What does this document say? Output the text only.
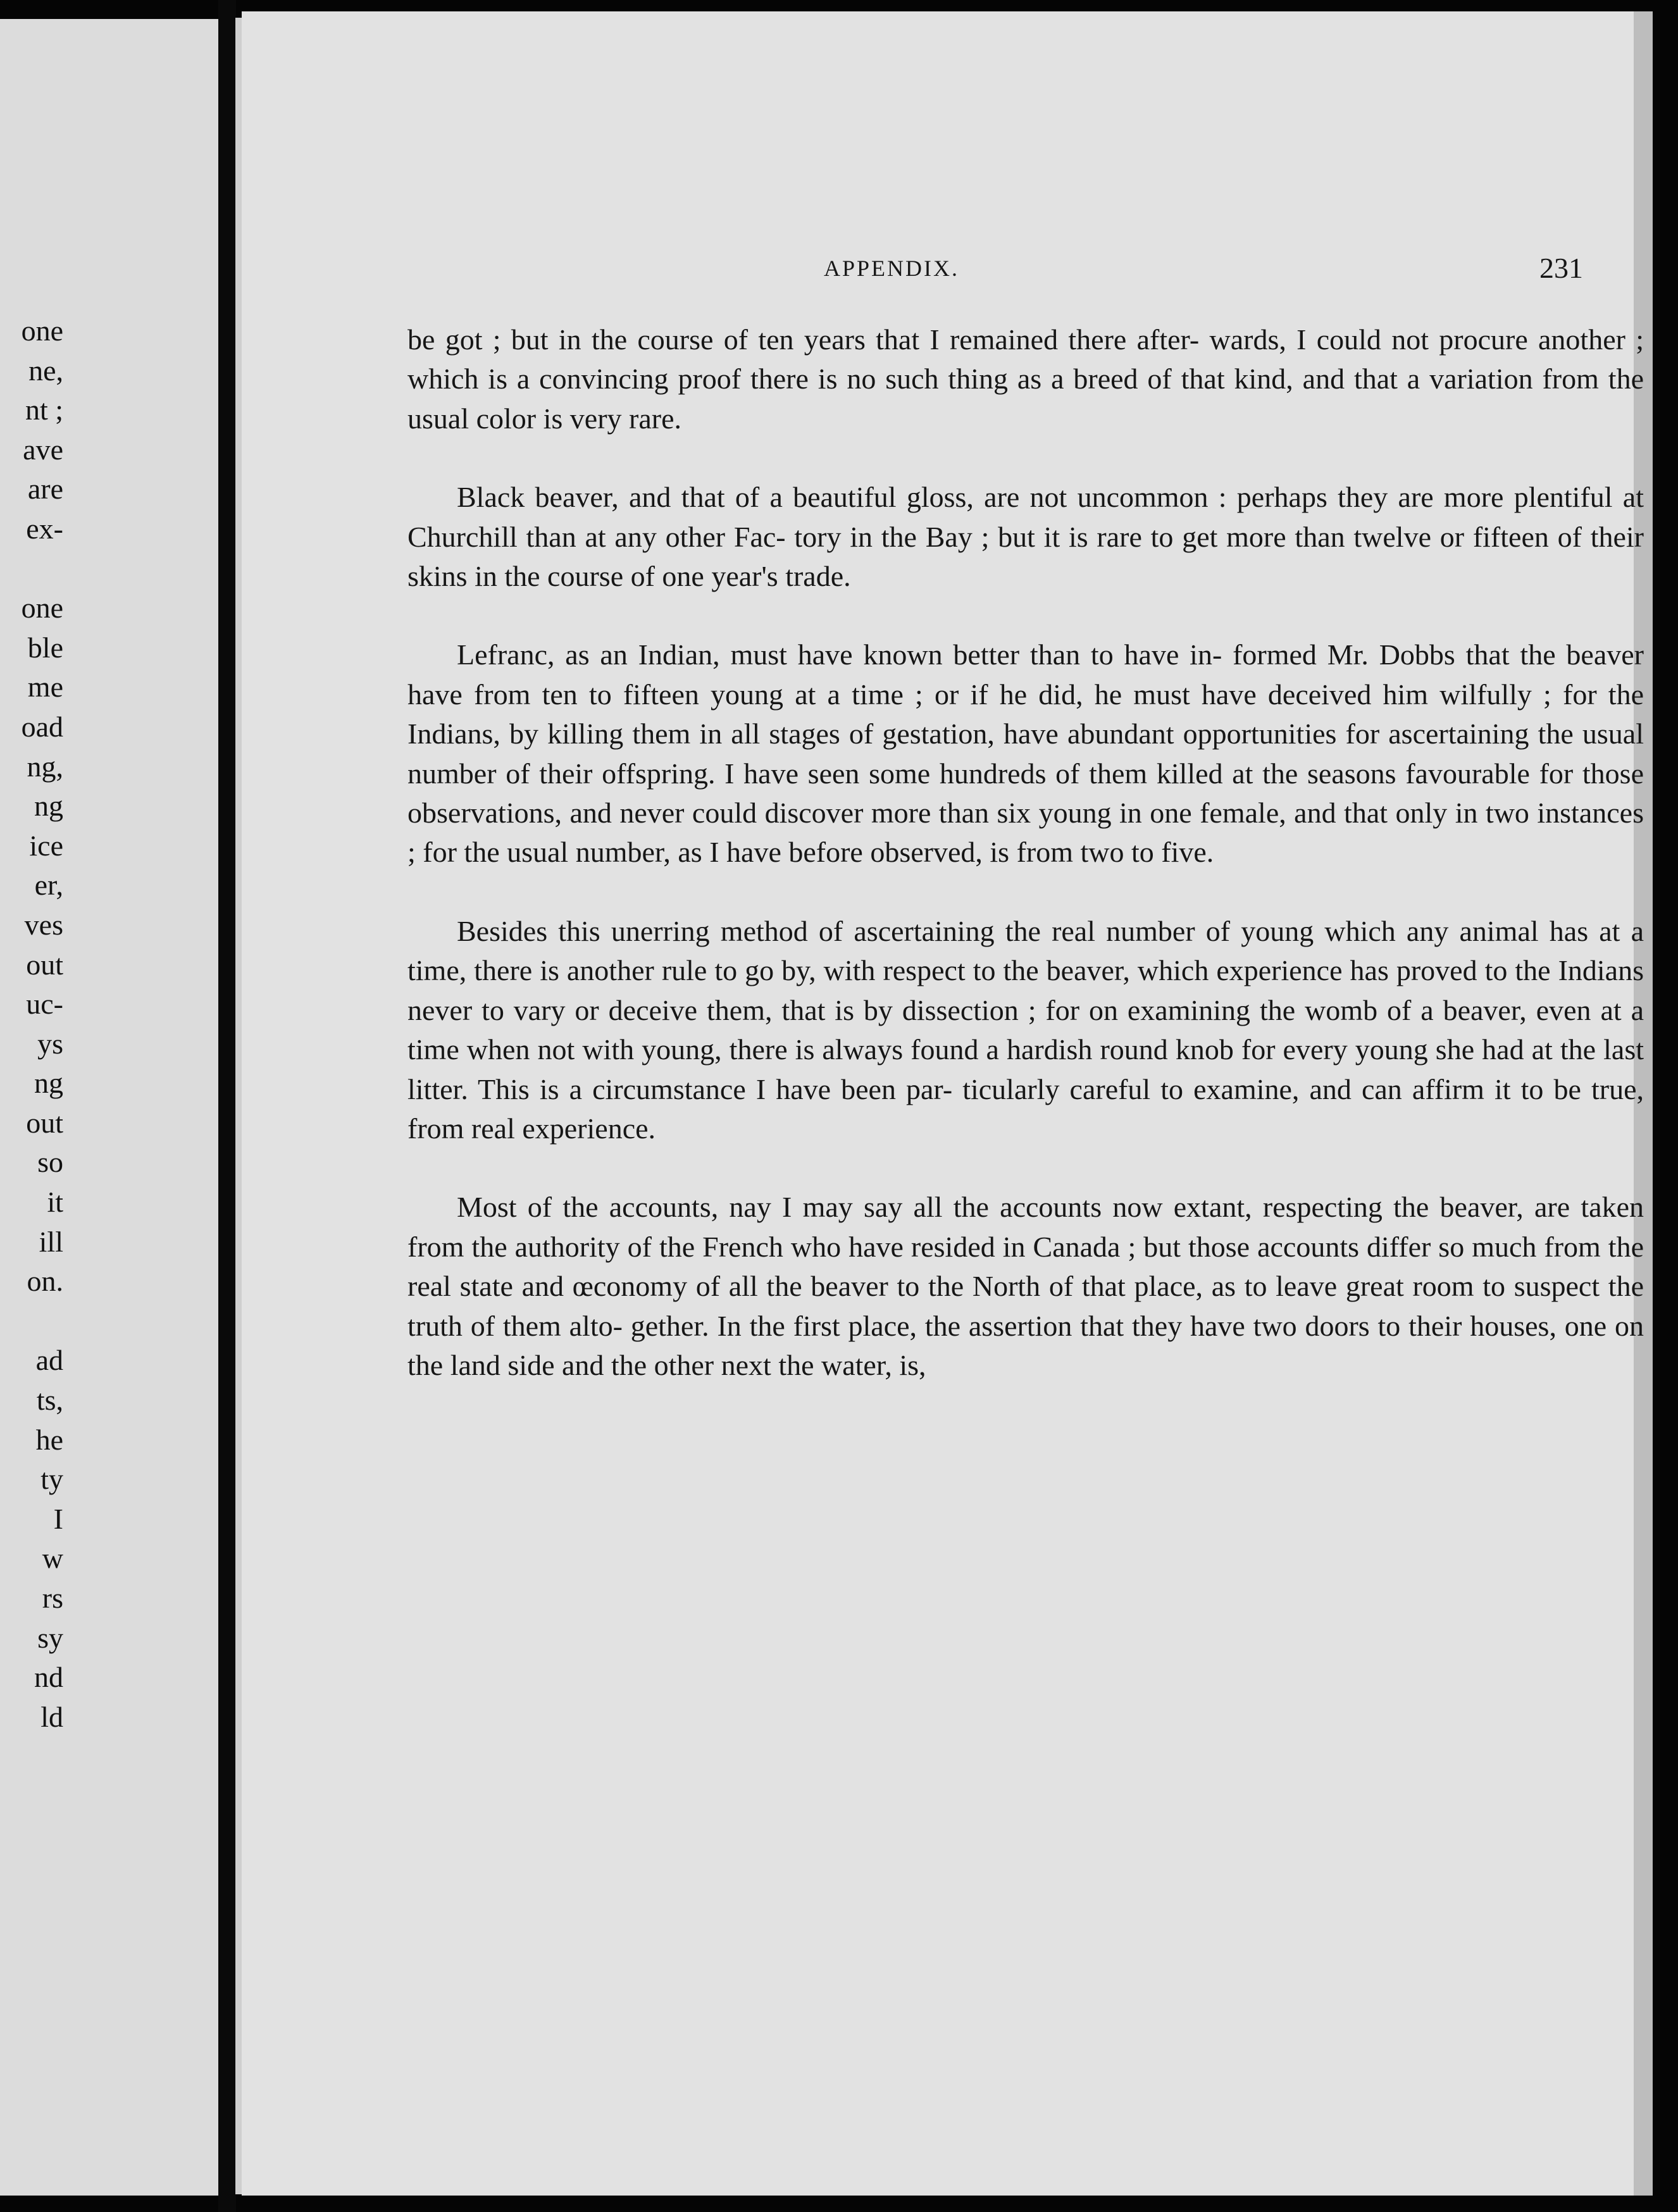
one
ne,
nt ;
ave
are
ex-
one
ble
me
oad
ng,
ng
ice
er,
ves
out
uc-
ys
ng
out
so
it
ill
on.
ad
ts,
he
ty
I
w
rs
sy
nd
ld
APPENDIX.	231

be got ; but in the course of ten years that I remained there after- wards, I could not procure another ; which is a convincing proof there is no such thing as a breed of that kind, and that a variation from the usual color is very rare.

Black beaver, and that of a beautiful gloss, are not uncommon : perhaps they are more plentiful at Churchill than at any other Fac- tory in the Bay ; but it is rare to get more than twelve or fifteen of their skins in the course of one year's trade.

Lefranc, as an Indian, must have known better than to have in- formed Mr. Dobbs that the beaver have from ten to fifteen young at a time ; or if he did, he must have deceived him wilfully ; for the Indians, by killing them in all stages of gestation, have abundant opportunities for ascertaining the usual number of their offspring. I have seen some hundreds of them killed at the seasons favourable for those observations, and never could discover more than six young in one female, and that only in two instances ; for the usual number, as I have before observed, is from two to five.

Besides this unerring method of ascertaining the real number of young which any animal has at a time, there is another rule to go by, with respect to the beaver, which experience has proved to the Indians never to vary or deceive them, that is by dissection ; for on examining the womb of a beaver, even at a time when not with young, there is always found a hardish round knob for every young she had at the last litter. This is a circumstance I have been par- ticularly careful to examine, and can affirm it to be true, from real experience.

Most of the accounts, nay I may say all the accounts now extant, respecting the beaver, are taken from the authority of the French who have resided in Canada ; but those accounts differ so much from the real state and œconomy of all the beaver to the North of that place, as to leave great room to suspect the truth of them alto- gether. In the first place, the assertion that they have two doors to their houses, one on the land side and the other next the water, is,
